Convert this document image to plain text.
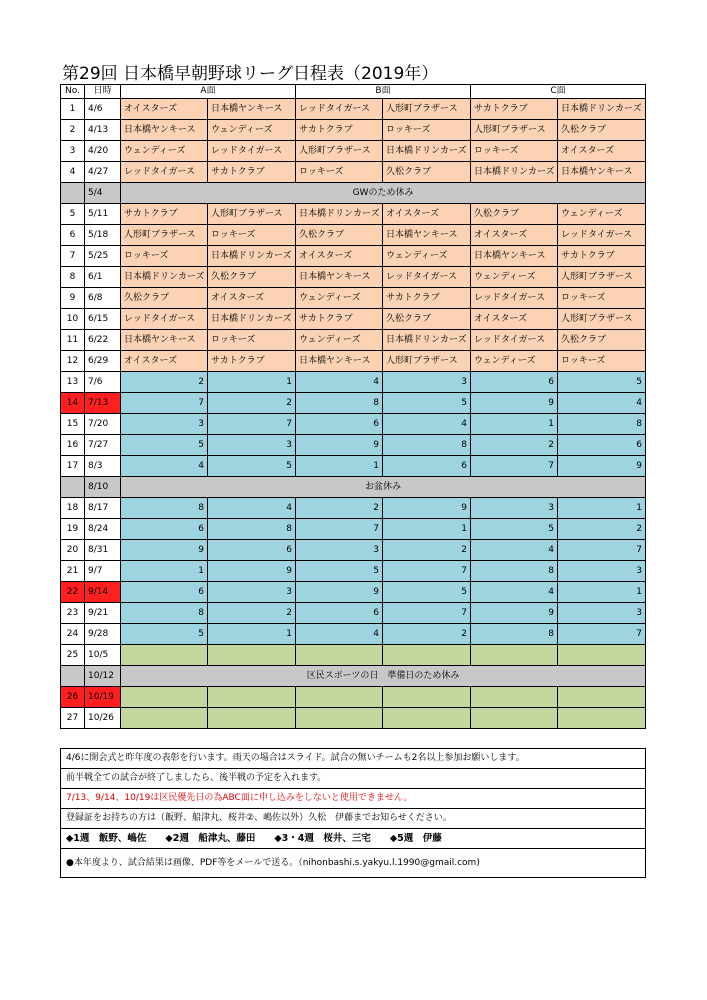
第29回 日本橋早朝野球リーグ日程表（2019年）
No.	日時	A面		B面		C面	
1	4/6	オイスターズ	日本橋ヤンキース	レッドタイガース	人形町ブラザース	サカトクラブ	日本橋ドリンカーズ
2	4/13	日本橋ヤンキース	ウェンディーズ	サカトクラブ	ロッキーズ	人形町ブラザース	久松クラブ
3	4/20	ウェンディーズ	レッドタイガース	人形町ブラザース	日本橋ドリンカーズ	ロッキーズ	オイスターズ
4	4/27	レッドタイガース	サカトクラブ	ロッキーズ	久松クラブ	日本橋ドリンカーズ	日本橋ヤンキース
	5/4	GWのため休み					
5	5/11	サカトクラブ	人形町ブラザース	日本橋ドリンカーズ	オイスターズ	久松クラブ	ウェンディーズ
6	5/18	人形町ブラザース	ロッキーズ	久松クラブ	日本橋ヤンキース	オイスターズ	レッドタイガース
7	5/25	ロッキーズ	日本橋ドリンカーズ	オイスターズ	ウェンディーズ	日本橋ヤンキース	サカトクラブ
8	6/1	日本橋ドリンカーズ	久松クラブ	日本橋ヤンキース	レッドタイガース	ウェンディーズ	人形町ブラザース
9	6/8	久松クラブ	オイスターズ	ウェンディーズ	サカトクラブ	レッドタイガース	ロッキーズ
10	6/15	レッドタイガース	日本橋ドリンカーズ	サカトクラブ	久松クラブ	オイスターズ	人形町ブラザース
11	6/22	日本橋ヤンキース	ロッキーズ	ウェンディーズ	日本橋ドリンカーズ	レッドタイガース	久松クラブ
12	6/29	オイスターズ	サカトクラブ	日本橋ヤンキース	人形町ブラザース	ウェンディーズ	ロッキーズ
13	7/6	2	1	4	3	6	5
14	7/13	7	2	8	5	9	4
15	7/20	3	7	6	4	1	8
16	7/27	5	3	9	8	2	6
17	8/3	4	5	1	6	7	9
	8/10	お盆休み					
18	8/17	8	4	2	9	3	1
19	8/24	6	8	7	1	5	2
20	8/31	9	6	3	2	4	7
21	9/7	1	9	5	7	8	3
22	9/14	6	3	9	5	4	1
23	9/21	8	2	6	7	9	3
24	9/28	5	1	4	2	8	7
25	10/5						
	10/12	区民スポーツの日　準備日のため休み					
26	10/19						
27	10/26						
4/6に開会式と昨年度の表彰を行います。雨天の場合はスライド。試合の無いチームも2名以上参加お願いします。
前半戦全ての試合が終了しましたら、後半戦の予定を入れます。
7/13、9/14、10/19は区民優先日の為ABC面に申し込みをしないと使用できません。
登録証をお持ちの方は（飯野、船津丸、桜井②、嶋佐以外）久松　伊藤までお知らせください。
◆1週　飯野、嶋佐　　◆2週　船津丸、藤田　　◆3・4週　桜井、三宅　　◆5週　伊藤
●本年度より、試合結果は画像、PDF等をメールで送る。（nihonbashi.s.yakyu.l.1990@gmail.com)
